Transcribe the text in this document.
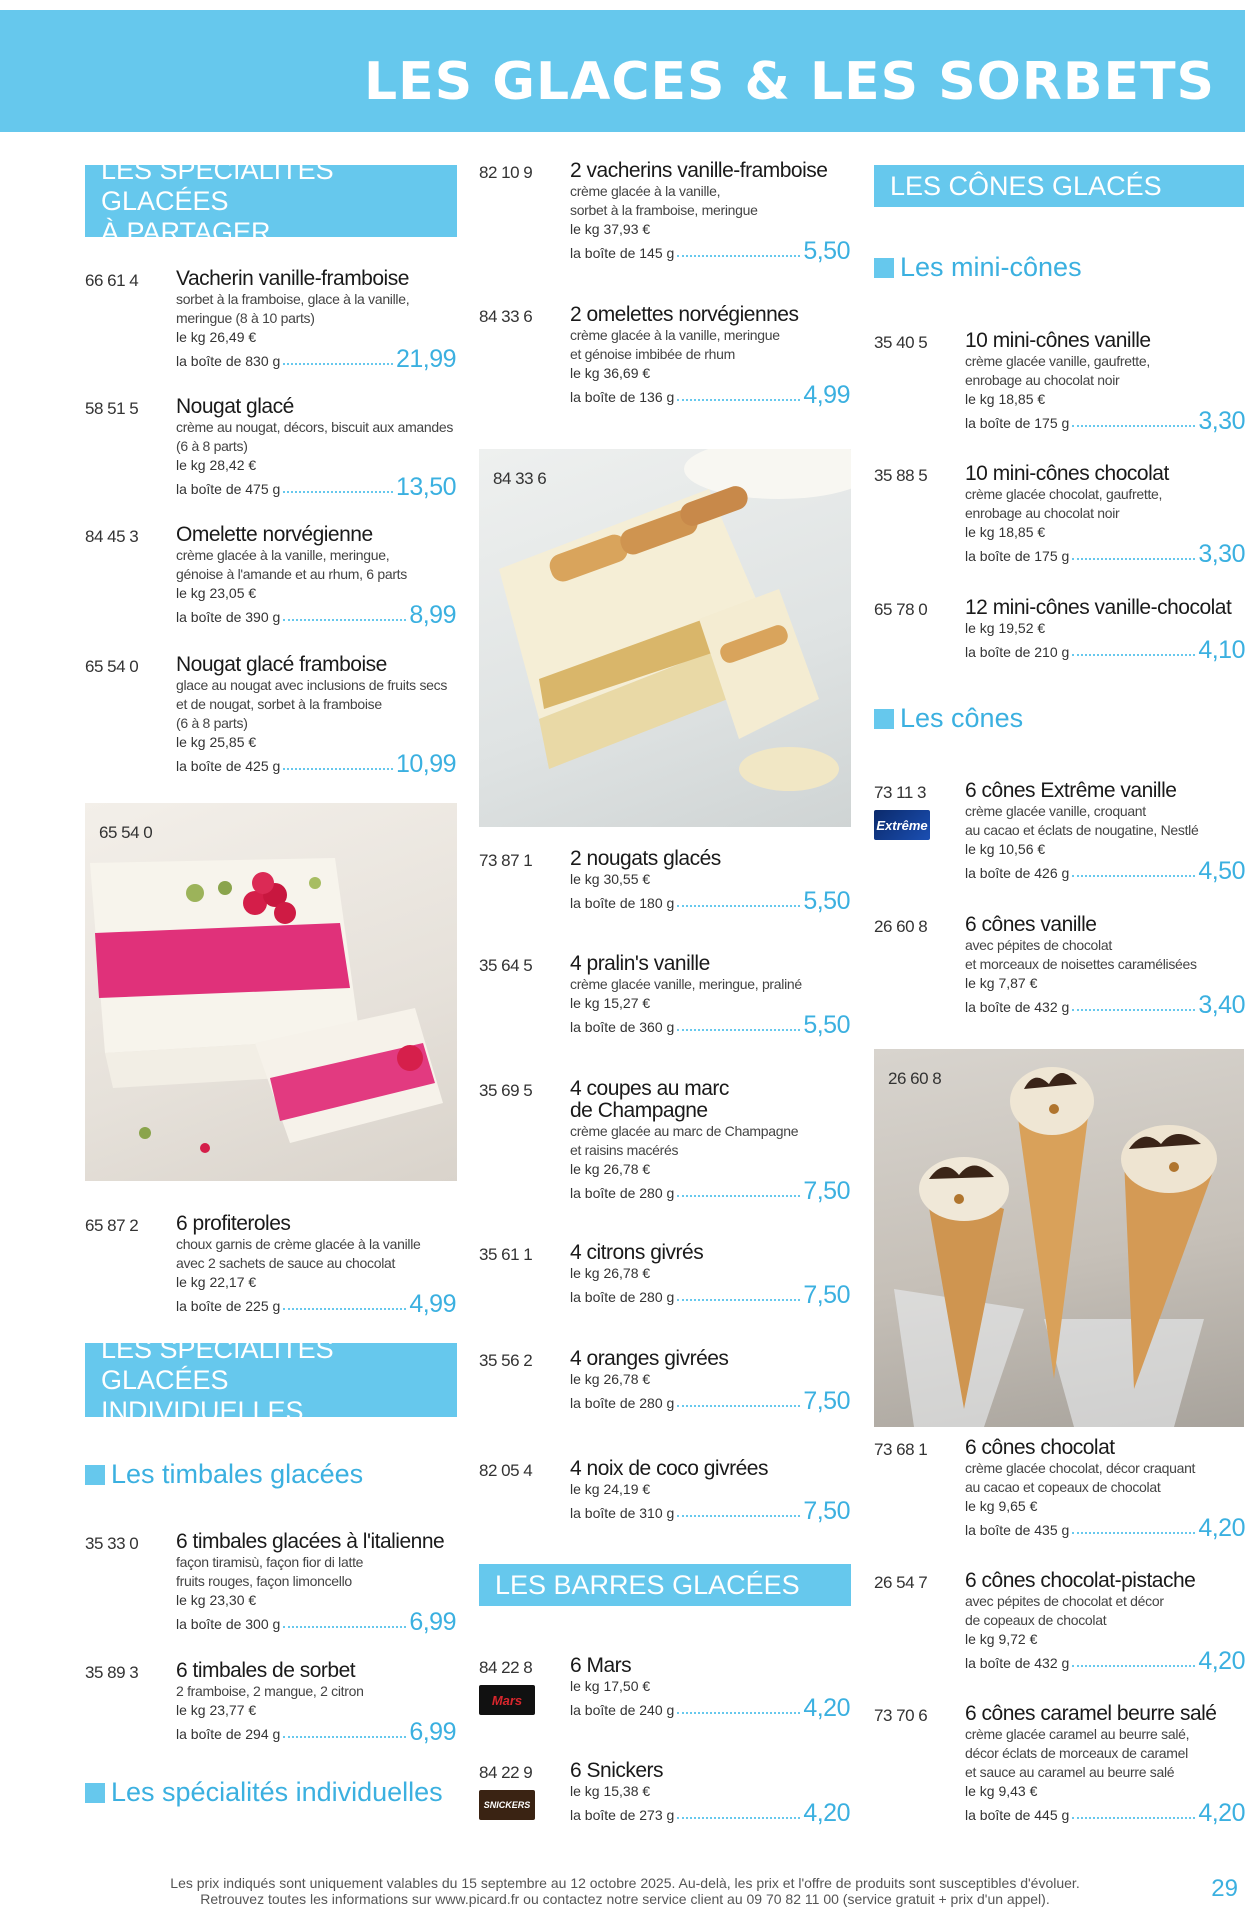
LES GLACES & LES SORBETS
LES SPÉCIALITÉS GLACÉES
À PARTAGER
LES SPÉCIALITÉS GLACÉES
INDIVIDUELLES
LES BARRES GLACÉES
LES CÔNES GLACÉS
Les timbales glacées
Les spécialités individuelles
Les mini-cônes
Les cônes
66 61 4 Vacherin vanille-framboise
sorbet à la framboise, glace à la vanille,
meringue (8 à 10 parts)
le kg 26,49 €
la boîte de 830 g	21,99
58 51 5 Nougat glacé
crème au nougat, décors, biscuit aux amandes
(6 à 8 parts)
le kg 28,42 €
la boîte de 475 g	13,50
84 45 3 Omelette norvégienne
crème glacée à la vanille, meringue,
génoise à l'amande et au rhum, 6 parts
le kg 23,05 €
la boîte de 390 g	8,99
65 54 0 Nougat glacé framboise
glace au nougat avec inclusions de fruits secs
et de nougat, sorbet à la framboise
(6 à 8 parts)
le kg 25,85 €
la boîte de 425 g	10,99
65 54 0
65 87 2 6 profiteroles
choux garnis de crème glacée à la vanille
avec 2 sachets de sauce au chocolat
le kg 22,17 €
la boîte de 225 g	4,99
35 33 0 6 timbales glacées à l'italienne
façon tiramisù, façon fior di latte
fruits rouges, façon limoncello
le kg 23,30 €
la boîte de 300 g	6,99
35 89 3 6 timbales de sorbet
2 framboise, 2 mangue, 2 citron
le kg 23,77 €
la boîte de 294 g	6,99
82 10 9 2 vacherins vanille-framboise
crème glacée à la vanille,
sorbet à la framboise, meringue
le kg 37,93 €
la boîte de 145 g	5,50
84 33 6 2 omelettes norvégiennes
crème glacée à la vanille, meringue
et génoise imbibée de rhum
le kg 36,69 €
la boîte de 136 g	4,99
84 33 6
73 87 1 2 nougats glacés
le kg 30,55 €
la boîte de 180 g	5,50
35 64 5 4 pralin's vanille
crème glacée vanille, meringue, praliné
le kg 15,27 €
la boîte de 360 g	5,50
35 69 5 4 coupes au marc
de Champagne
crème glacée au marc de Champagne
et raisins macérés
le kg 26,78 €
la boîte de 280 g	7,50
35 61 1 4 citrons givrés
le kg 26,78 €
la boîte de 280 g	7,50
35 56 2 4 oranges givrées
le kg 26,78 €
la boîte de 280 g	7,50
82 05 4 4 noix de coco givrées
le kg 24,19 €
la boîte de 310 g	7,50
84 22 8
Mars
6 Mars
le kg 17,50 €
la boîte de 240 g	4,20
84 22 9
SNICKERS
6 Snickers
le kg 15,38 €
la boîte de 273 g	4,20
35 40 5 10 mini-cônes vanille
crème glacée vanille, gaufrette,
enrobage au chocolat noir
le kg 18,85 €
la boîte de 175 g	3,30
35 88 5 10 mini-cônes chocolat
crème glacée chocolat, gaufrette,
enrobage au chocolat noir
le kg 18,85 €
la boîte de 175 g	3,30
65 78 0 12 mini-cônes vanille-chocolat
le kg 19,52 €
la boîte de 210 g	4,10
73 11 3
Extrême
6 cônes Extrême vanille
crème glacée vanille, croquant
au cacao et éclats de nougatine, Nestlé
le kg 10,56 €
la boîte de 426 g	4,50
26 60 8 6 cônes vanille
avec pépites de chocolat
et morceaux de noisettes caramélisées
le kg 7,87 €
la boîte de 432 g	3,40
26 60 8
73 68 1 6 cônes chocolat
crème glacée chocolat, décor craquant
au cacao et copeaux de chocolat
le kg 9,65 €
la boîte de 435 g	4,20
26 54 7 6 cônes chocolat-pistache
avec pépites de chocolat et décor
de copeaux de chocolat
le kg 9,72 €
la boîte de 432 g	4,20
73 70 6 6 cônes caramel beurre salé
crème glacée caramel au beurre salé,
décor éclats de morceaux de caramel
et sauce au caramel au beurre salé
le kg 9,43 €
la boîte de 445 g	4,20
Les prix indiqués sont uniquement valables du 15 septembre au 12 octobre 2025. Au-delà, les prix et l'offre de produits sont susceptibles d'évoluer.
Retrouvez toutes les informations sur www.picard.fr ou contactez notre service client au 09 70 82 11 00 (service gratuit + prix d'un appel).	29
